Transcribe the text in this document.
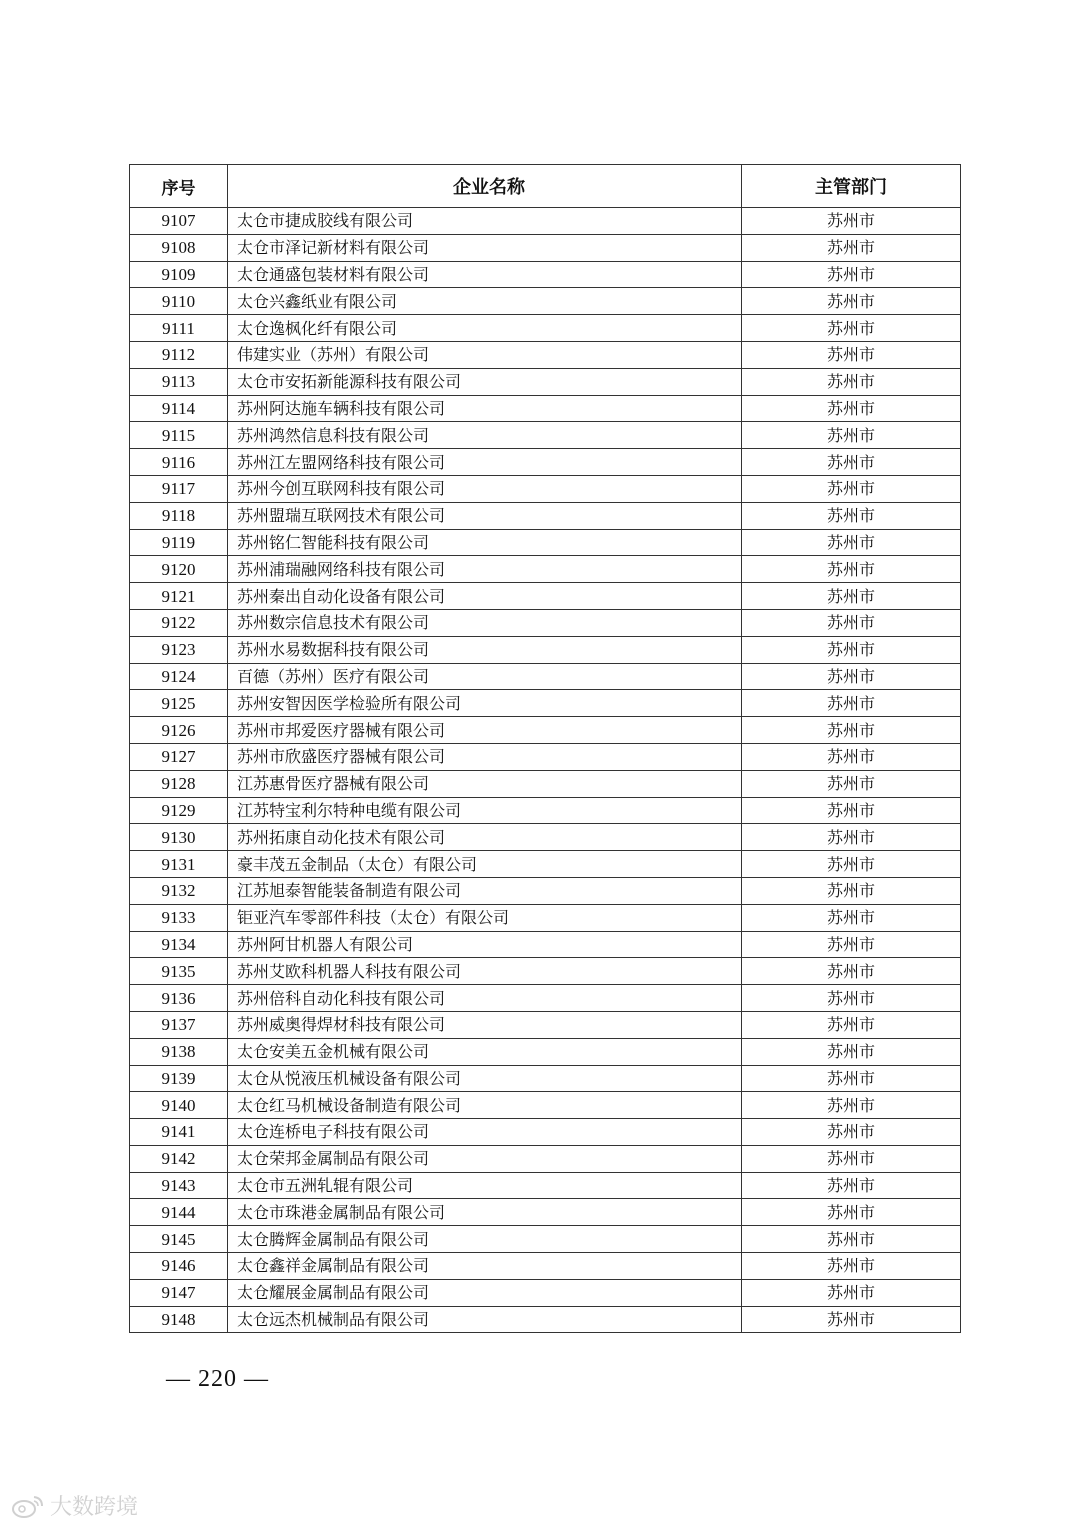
序号	企业名称	主管部门
9107	太仓市捷成胶线有限公司	苏州市
9108	太仓市泽记新材料有限公司	苏州市
9109	太仓通盛包装材料有限公司	苏州市
9110	太仓兴鑫纸业有限公司	苏州市
9111	太仓逸枫化纤有限公司	苏州市
9112	伟建实业（苏州）有限公司	苏州市
9113	太仓市安拓新能源科技有限公司	苏州市
9114	苏州阿达施车辆科技有限公司	苏州市
9115	苏州鸿然信息科技有限公司	苏州市
9116	苏州江左盟网络科技有限公司	苏州市
9117	苏州今创互联网科技有限公司	苏州市
9118	苏州盟瑞互联网技术有限公司	苏州市
9119	苏州铭仁智能科技有限公司	苏州市
9120	苏州浦瑞融网络科技有限公司	苏州市
9121	苏州秦出自动化设备有限公司	苏州市
9122	苏州数宗信息技术有限公司	苏州市
9123	苏州水易数据科技有限公司	苏州市
9124	百德（苏州）医疗有限公司	苏州市
9125	苏州安智因医学检验所有限公司	苏州市
9126	苏州市邦爱医疗器械有限公司	苏州市
9127	苏州市欣盛医疗器械有限公司	苏州市
9128	江苏惠骨医疗器械有限公司	苏州市
9129	江苏特宝利尔特种电缆有限公司	苏州市
9130	苏州拓康自动化技术有限公司	苏州市
9131	豪丰茂五金制品（太仓）有限公司	苏州市
9132	江苏旭泰智能装备制造有限公司	苏州市
9133	钜亚汽车零部件科技（太仓）有限公司	苏州市
9134	苏州阿甘机器人有限公司	苏州市
9135	苏州艾欧科机器人科技有限公司	苏州市
9136	苏州倍科自动化科技有限公司	苏州市
9137	苏州威奥得焊材科技有限公司	苏州市
9138	太仓安美五金机械有限公司	苏州市
9139	太仓从悦液压机械设备有限公司	苏州市
9140	太仓红马机械设备制造有限公司	苏州市
9141	太仓连桥电子科技有限公司	苏州市
9142	太仓荣邦金属制品有限公司	苏州市
9143	太仓市五洲轧辊有限公司	苏州市
9144	太仓市珠港金属制品有限公司	苏州市
9145	太仓腾辉金属制品有限公司	苏州市
9146	太仓鑫祥金属制品有限公司	苏州市
9147	太仓耀展金属制品有限公司	苏州市
9148	太仓远杰机械制品有限公司	苏州市
— 220 —
大数跨境
